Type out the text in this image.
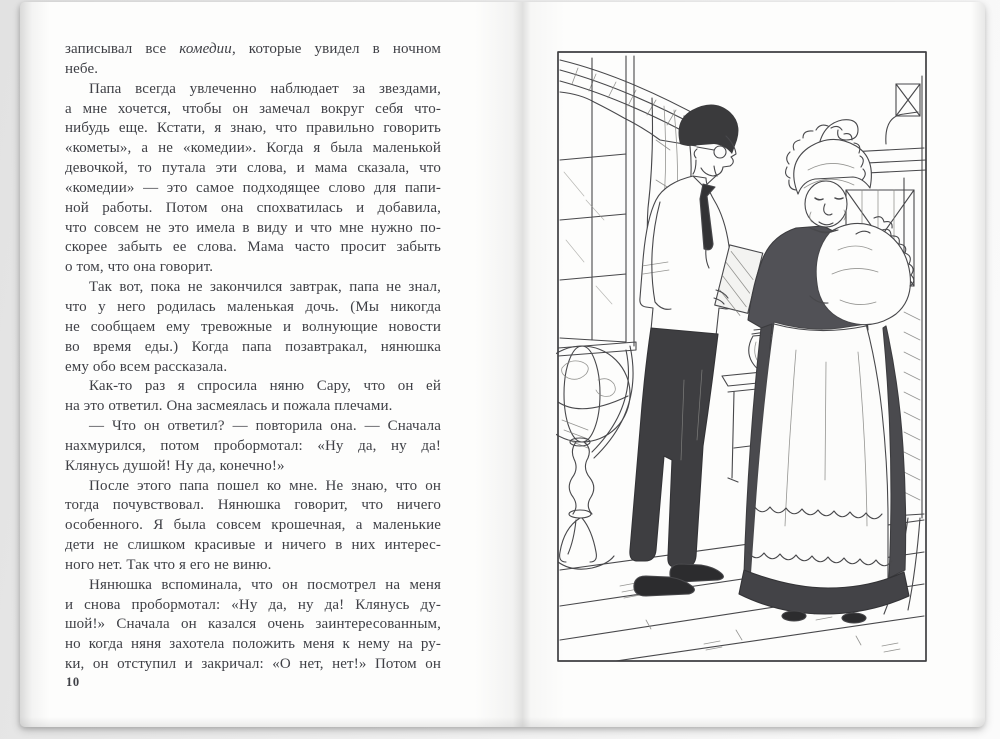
записывал все комедии, которые увидел в ночном
небе.
Папа всегда увлеченно наблюдает за звездами,
а мне хочется, чтобы он замечал вокруг себя что-
нибудь еще. Кстати, я знаю, что правильно говорить
«кометы», а не «комедии». Когда я была маленькой
девочкой, то путала эти слова, и мама сказала, что
«комедии» — это самое подходящее слово для папи-
ной работы. Потом она спохватилась и добавила,
что совсем не это имела в виду и что мне нужно по-
скорее забыть ее слова. Мама часто просит забыть
о том, что она говорит.
Так вот, пока не закончился завтрак, папа не знал,
что у него родилась маленькая дочь. (Мы никогда
не сообщаем ему тревожные и волнующие новости
во время еды.) Когда папа позавтракал, нянюшка
ему обо всем рассказала.
Как-то раз я спросила няню Сару, что он ей
на это ответил. Она засмеялась и пожала плечами.
— Что он ответил? — повторила она. — Сначала
нахмурился, потом пробормотал: «Ну да, ну да!
Клянусь душой! Ну да, конечно!»
После этого папа пошел ко мне. Не знаю, что он
тогда почувствовал. Нянюшка говорит, что ничего
особенного. Я была совсем крошечная, а маленькие
дети не слишком красивые и ничего в них интерес-
ного нет. Так что я его не виню.
Нянюшка вспоминала, что он посмотрел на меня
и снова пробормотал: «Ну да, ну да! Клянусь ду-
шой!» Сначала он казался очень заинтересованным,
но когда няня захотела положить меня к нему на ру-
ки, он отступил и закричал: «О нет, нет!» Потом он
10
